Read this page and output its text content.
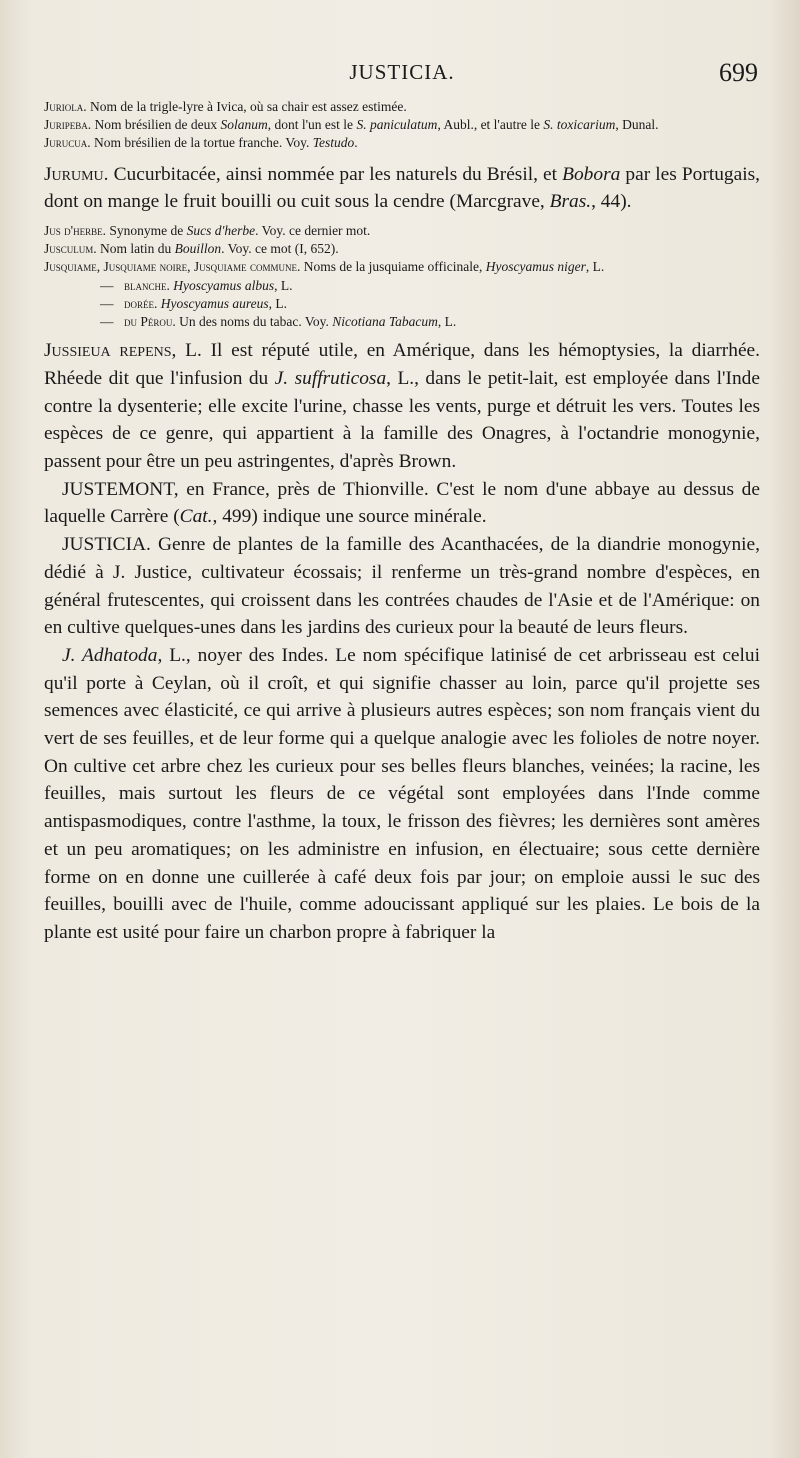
JUSTICIA.	699

Juriola. Nom de la trigle-lyre à Ivica, où sa chair est assez estimée.

Juripeba. Nom brésilien de deux Solanum, dont l'un est le S. paniculatum, Aubl., et l'autre le S. toxicarium, Dunal.

Jurucua. Nom brésilien de la tortue franche. Voy. Testudo.

Jurumu. Cucurbitacée, ainsi nommée par les naturels du Brésil, et Bobora par les Portugais, dont on mange le fruit bouilli ou cuit sous la cendre (Marcgrave, Bras., 44).

Jus d'herbe. Synonyme de Sucs d'herbe. Voy. ce dernier mot.

Jusculum. Nom latin du Bouillon. Voy. ce mot (I, 652).

Jusquiame, Jusquiame noire, Jusquiame commune. Noms de la jusquiame officinale, Hyoscyamus niger, L.

— blanche. Hyoscyamus albus, L.

— dorée. Hyoscyamus aureus, L.

— du Pérou. Un des noms du tabac. Voy. Nicotiana Tabacum, L.

Jussieua repens, L. Il est réputé utile, en Amérique, dans les hémoptysies, la diarrhée. Rhéede dit que l'infusion du J. suffruticosa, L., dans le petit-lait, est employée dans l'Inde contre la dysenterie; elle excite l'urine, chasse les vents, purge et détruit les vers. Toutes les espèces de ce genre, qui appartient à la famille des Onagres, à l'octandrie monogynie, passent pour être un peu astringentes, d'après Brown.

JUSTEMONT, en France, près de Thionville. C'est le nom d'une abbaye au dessus de laquelle Carrère (Cat., 499) indique une source minérale.

JUSTICIA. Genre de plantes de la famille des Acanthacées, de la diandrie monogynie, dédié à J. Justice, cultivateur écossais; il renferme un très-grand nombre d'espèces, en général frutescentes, qui croissent dans les contrées chaudes de l'Asie et de l'Amérique: on en cultive quelques-unes dans les jardins des curieux pour la beauté de leurs fleurs.

J. Adhatoda, L., noyer des Indes. Le nom spécifique latinisé de cet arbrisseau est celui qu'il porte à Ceylan, où il croît, et qui signifie chasser au loin, parce qu'il projette ses semences avec élasticité, ce qui arrive à plusieurs autres espèces; son nom français vient du vert de ses feuilles, et de leur forme qui a quelque analogie avec les folioles de notre noyer. On cultive cet arbre chez les curieux pour ses belles fleurs blanches, veinées; la racine, les feuilles, mais surtout les fleurs de ce végétal sont employées dans l'Inde comme antispasmodiques, contre l'asthme, la toux, le frisson des fièvres; les dernières sont amères et un peu aromatiques; on les administre en infusion, en électuaire; sous cette dernière forme on en donne une cuillerée à café deux fois par jour; on emploie aussi le suc des feuilles, bouilli avec de l'huile, comme adoucissant appliqué sur les plaies. Le bois de la plante est usité pour faire un charbon propre à fabriquer la
